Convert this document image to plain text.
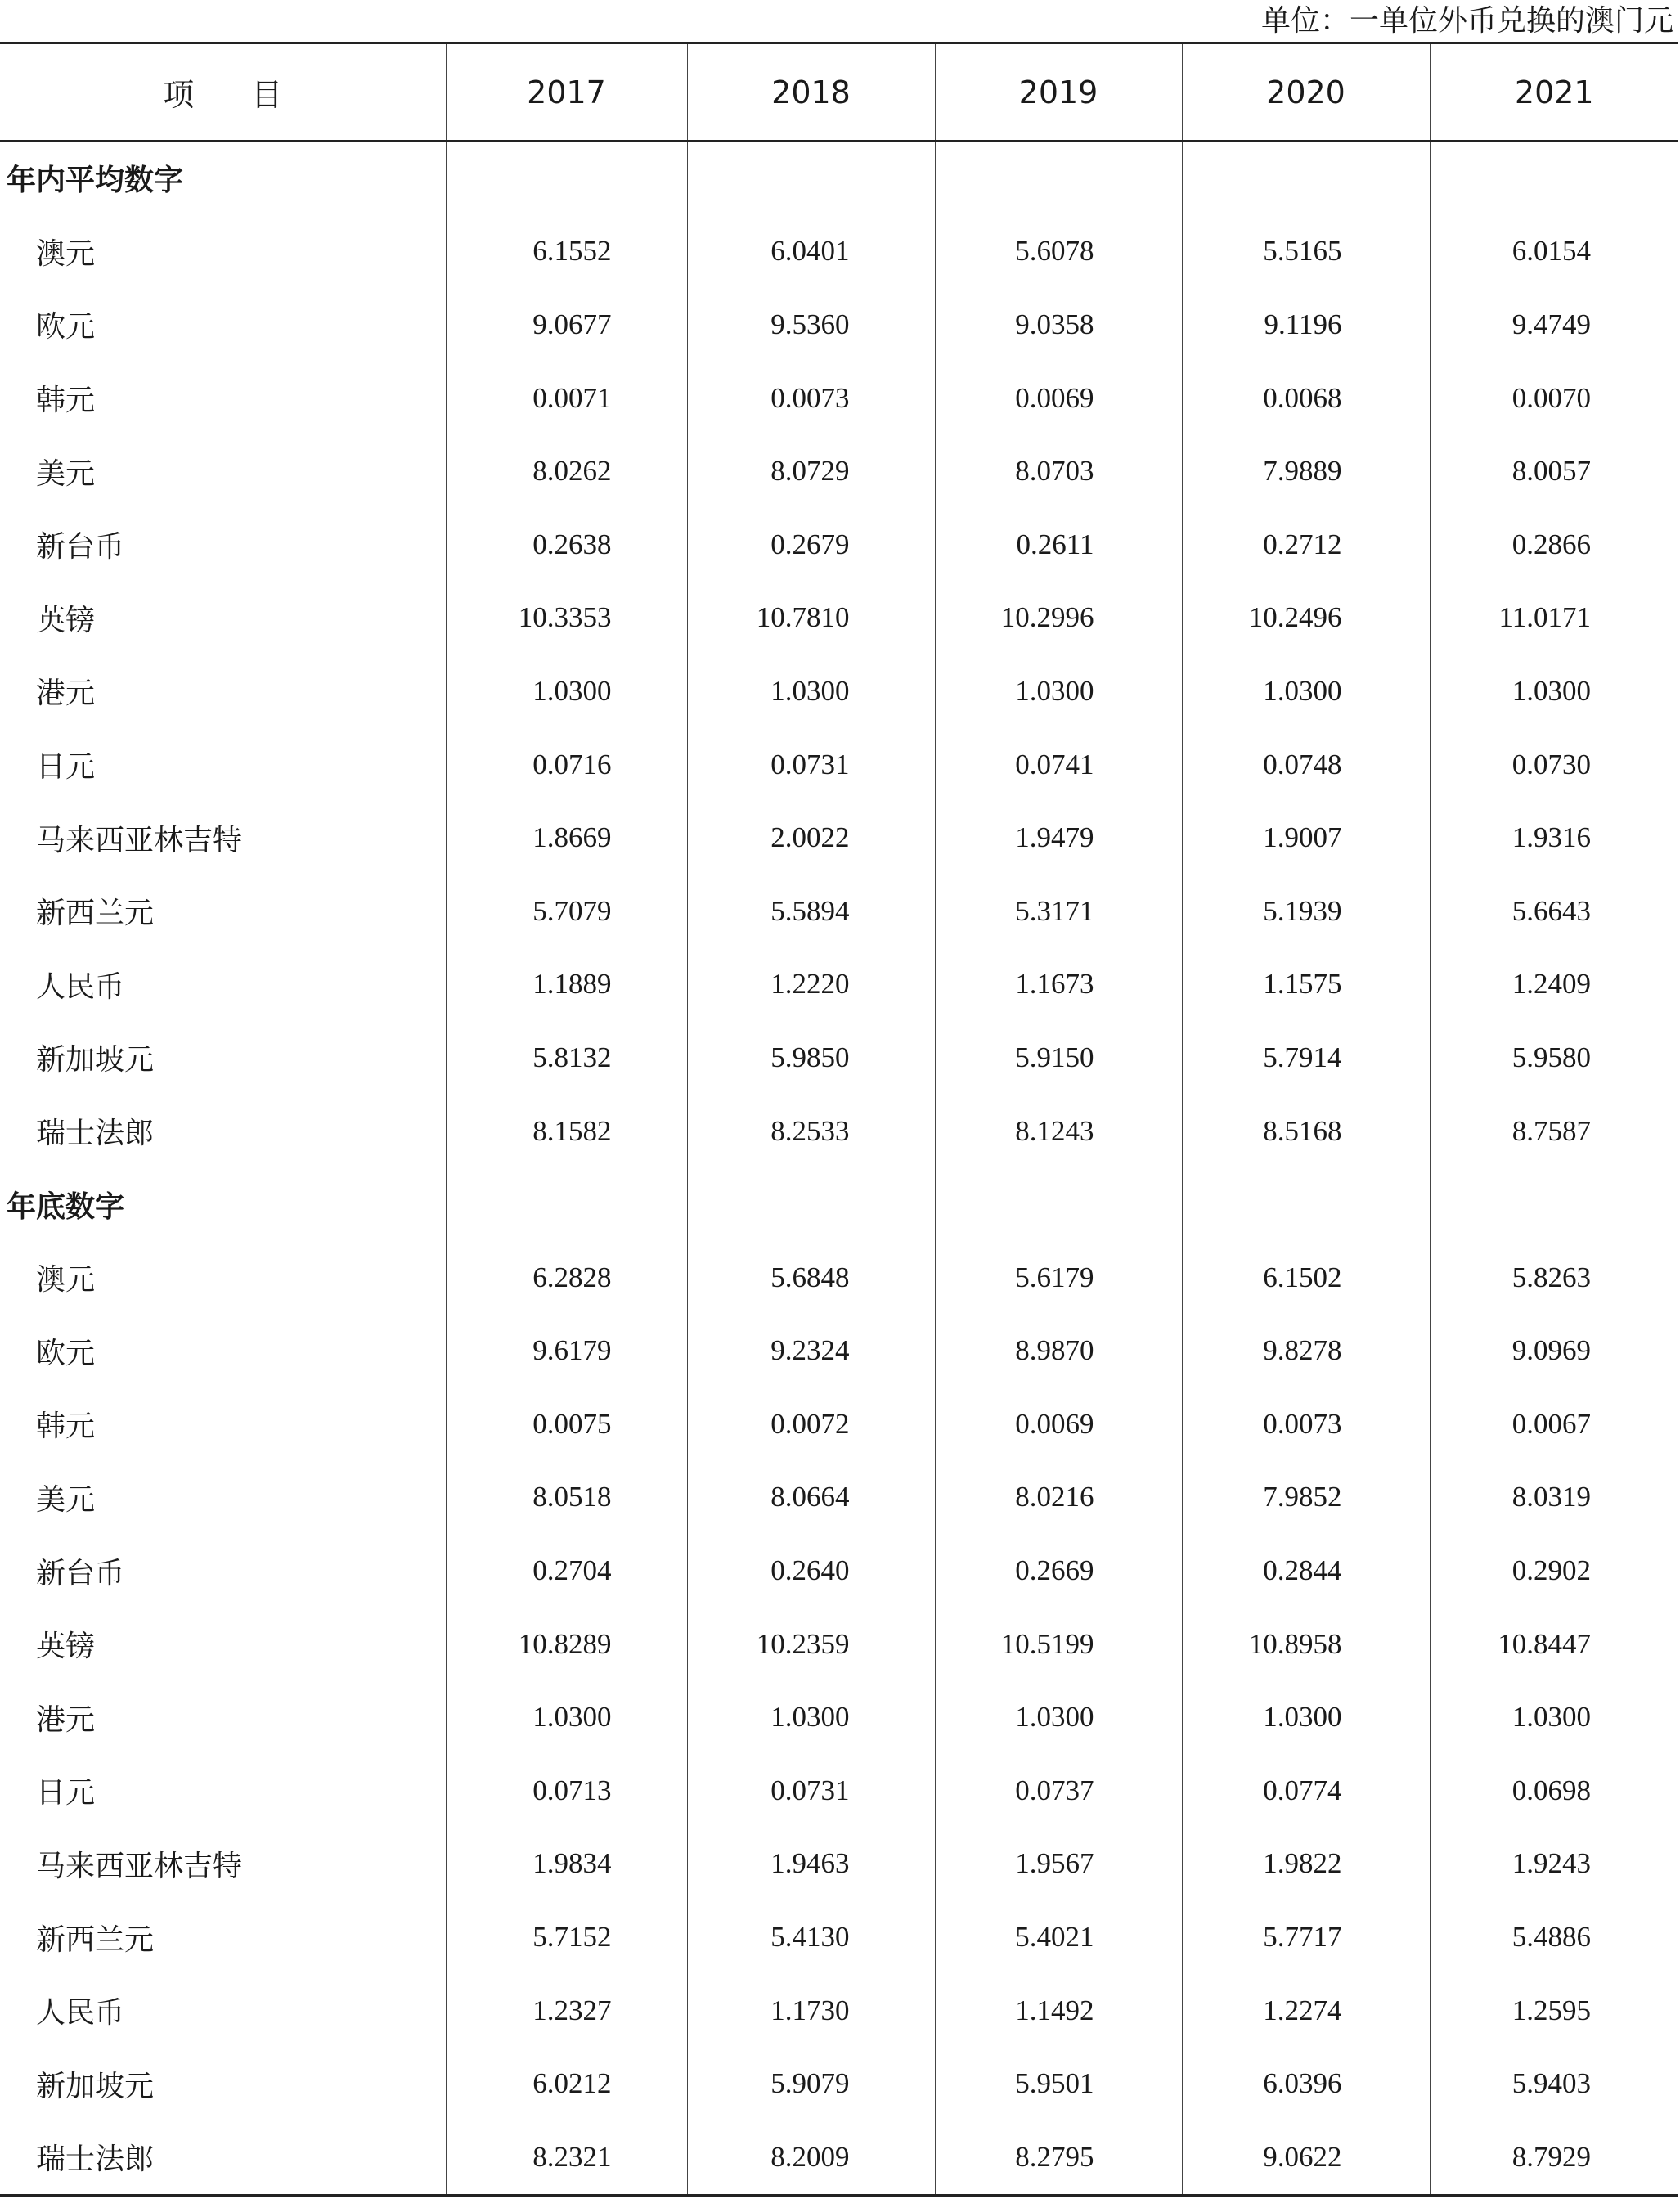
单位：一单位外币兑换的澳门元
项 目	2017	2018	2019	2020	2021
年内平均数字					
澳元	6.1552	6.0401	5.6078	5.5165	6.0154
欧元	9.0677	9.5360	9.0358	9.1196	9.4749
韩元	0.0071	0.0073	0.0069	0.0068	0.0070
美元	8.0262	8.0729	8.0703	7.9889	8.0057
新台币	0.2638	0.2679	0.2611	0.2712	0.2866
英镑	10.3353	10.7810	10.2996	10.2496	11.0171
港元	1.0300	1.0300	1.0300	1.0300	1.0300
日元	0.0716	0.0731	0.0741	0.0748	0.0730
马来西亚林吉特	1.8669	2.0022	1.9479	1.9007	1.9316
新西兰元	5.7079	5.5894	5.3171	5.1939	5.6643
人民币	1.1889	1.2220	1.1673	1.1575	1.2409
新加坡元	5.8132	5.9850	5.9150	5.7914	5.9580
瑞士法郎	8.1582	8.2533	8.1243	8.5168	8.7587
年底数字					
澳元	6.2828	5.6848	5.6179	6.1502	5.8263
欧元	9.6179	9.2324	8.9870	9.8278	9.0969
韩元	0.0075	0.0072	0.0069	0.0073	0.0067
美元	8.0518	8.0664	8.0216	7.9852	8.0319
新台币	0.2704	0.2640	0.2669	0.2844	0.2902
英镑	10.8289	10.2359	10.5199	10.8958	10.8447
港元	1.0300	1.0300	1.0300	1.0300	1.0300
日元	0.0713	0.0731	0.0737	0.0774	0.0698
马来西亚林吉特	1.9834	1.9463	1.9567	1.9822	1.9243
新西兰元	5.7152	5.4130	5.4021	5.7717	5.4886
人民币	1.2327	1.1730	1.1492	1.2274	1.2595
新加坡元	6.0212	5.9079	5.9501	6.0396	5.9403
瑞士法郎	8.2321	8.2009	8.2795	9.0622	8.7929
